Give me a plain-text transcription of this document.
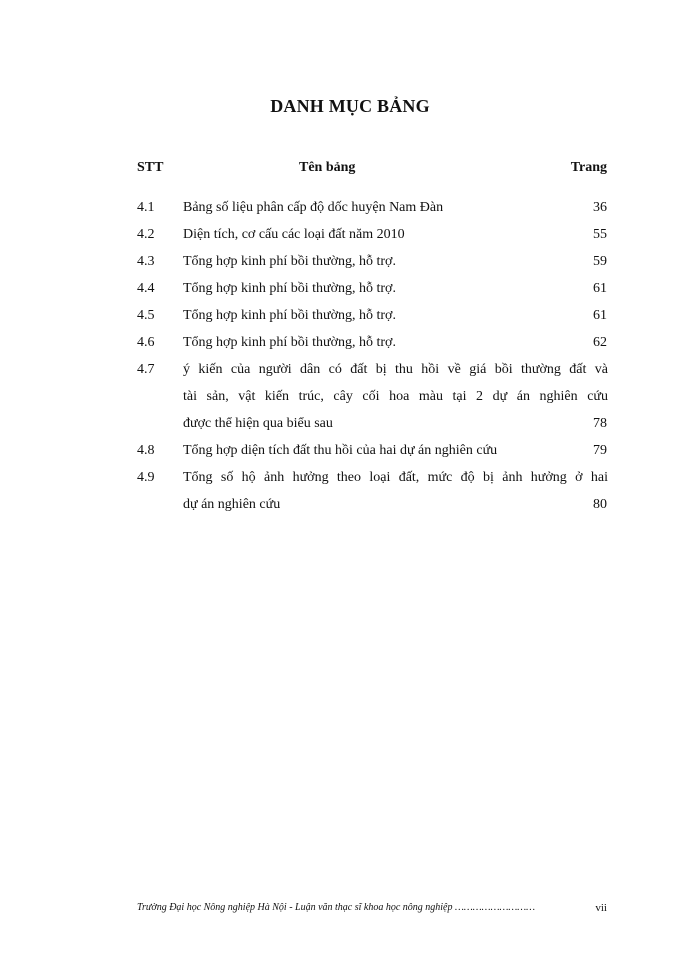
DANH MỤC BẢNG
STT	Tên bảng	Trang
4.1 Bảng số liệu phân cấp độ dốc huyện Nam Đàn	36
4.2 Diện tích, cơ cấu các loại đất năm 2010	55
4.3 Tổng hợp kinh phí bồi thường, hỗ trợ.	59
4.4 Tổng hợp kinh phí bồi thường, hỗ trợ.	61
4.5 Tổng hợp kinh phí bồi thường, hỗ trợ.	61
4.6 Tổng hợp kinh phí bồi thường, hỗ trợ.	62
4.7 ý kiến của người dân có đất bị thu hồi về giá bồi thường đất và
tài sản, vật kiến trúc, cây cối hoa màu tại 2 dự án nghiên cứu
được thể hiện qua biểu sau	78
4.8 Tổng hợp diện tích đất thu hồi của hai dự án nghiên cứu	79
4.9 Tổng số hộ ảnh hưởng theo loại đất, mức độ bị ảnh hưởng ở hai
dự án nghiên cứu	80
Trường Đại học Nông nghiệp Hà Nội - Luận văn thạc sĩ khoa học nông nghiệp ………………………	vii
